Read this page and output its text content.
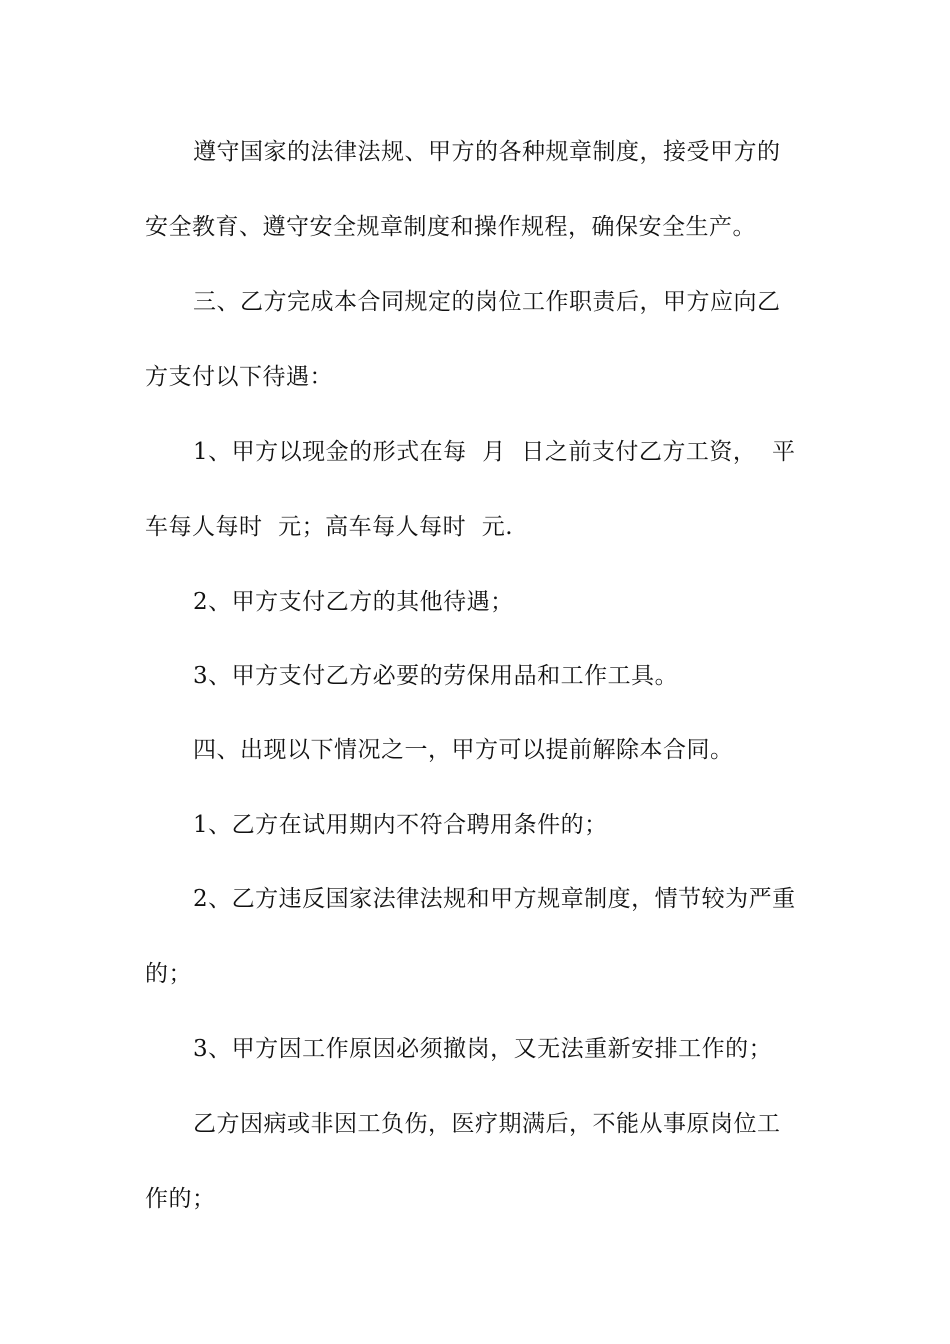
遵守国家的法律法规、甲方的各种规章制度，接受甲方的
安全教育、遵守安全规章制度和操作规程，确保安全生产。
三、乙方完成本合同规定的岗位工作职责后，甲方应向乙
方支付以下待遇：
1、甲方以现金的形式在每  月  日之前支付乙方工资，  平
车每人每时  元；高车每人每时  元.
2、甲方支付乙方的其他待遇；
3、甲方支付乙方必要的劳保用品和工作工具。
四、出现以下情况之一，甲方可以提前解除本合同。
1、乙方在试用期内不符合聘用条件的；
2、乙方违反国家法律法规和甲方规章制度，情节较为严重
的；
3、甲方因工作原因必须撤岗，又无法重新安排工作的；
乙方因病或非因工负伤，医疗期满后，不能从事原岗位工
作的；
